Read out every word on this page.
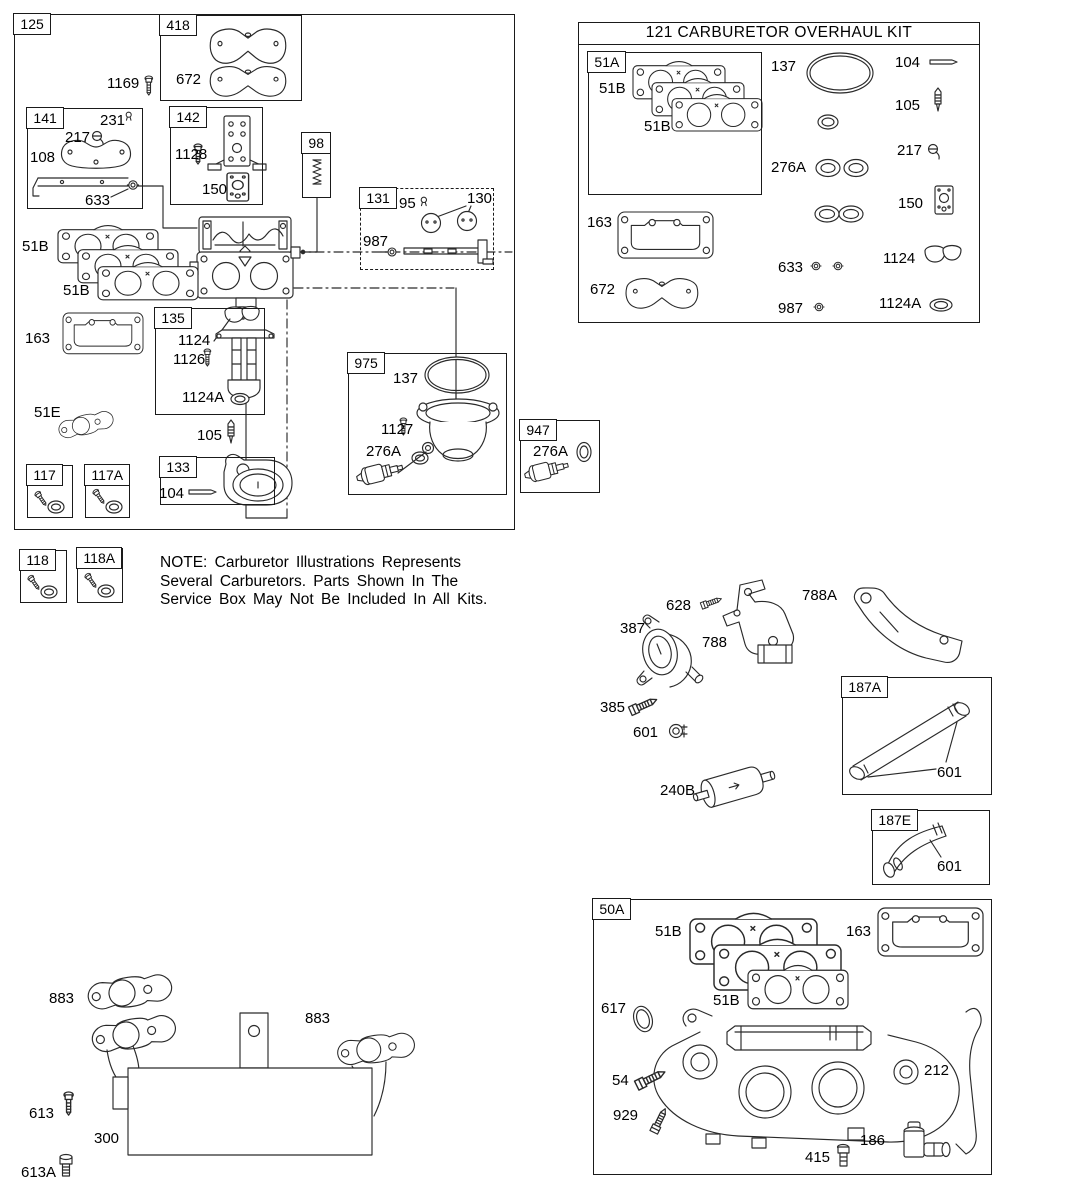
121 CARBURETOR OVERHAUL KIT
NOTE: Carburetor Illustrations Represents
Several Carburetors. Parts Shown In The
Service Box May Not Be Included In All Kits.
125	418
141	142
98
131
135
133
117	117A
118	118A
975
947
51A
187A
187E
50A
1169 672
231
217
108
633
1128
150
51B
51B
163
51E
95	130
987
1124
1126
1124A
105
104
137
1127
276A	276A
51B
51B
137	104
105
217
276A
150
163
633
1124
672
987	1124A
628
387
788
788A
385
601
240B
601
601
51B	163
51B
617
54
929
415
186
212
883
883
613
300
613A
